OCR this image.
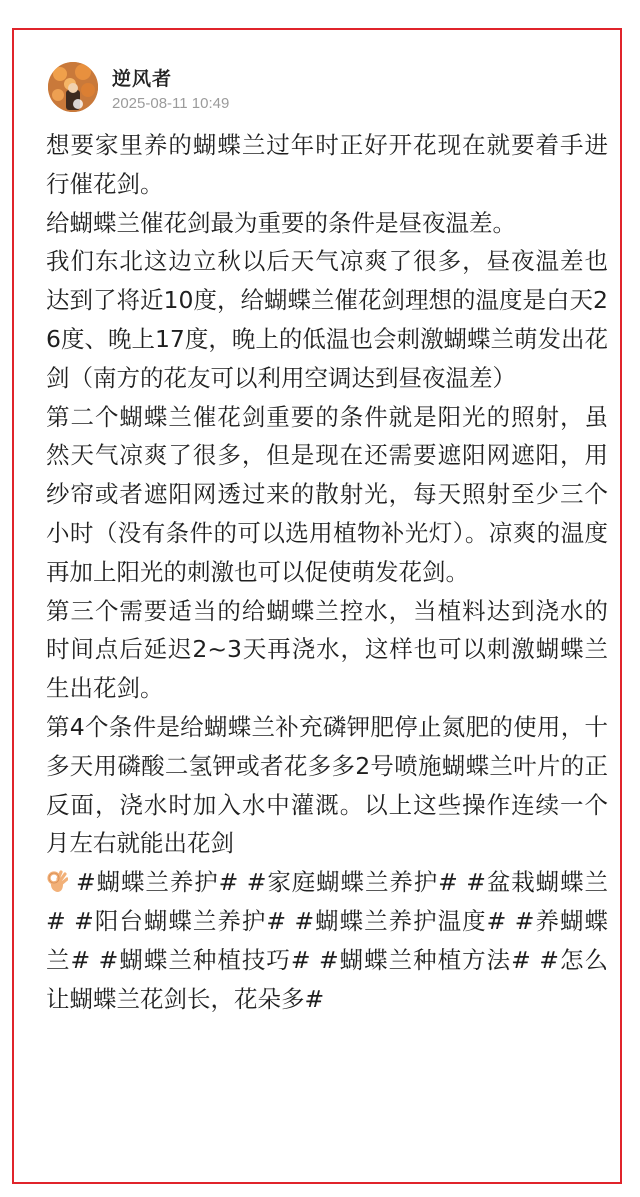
逆风者
2025-08-11 10:49

想要家里养的蝴蝶兰过年时正好开花现在就要着手进行催花剑。

给蝴蝶兰催花剑最为重要的条件是昼夜温差。

我们东北这边立秋以后天气凉爽了很多，昼夜温差也达到了将近10度，给蝴蝶兰催花剑理想的温度是白天26度、晚上17度，晚上的低温也会刺激蝴蝶兰萌发出花剑（南方的花友可以利用空调达到昼夜温差）

第二个蝴蝶兰催花剑重要的条件就是阳光的照射，虽然天气凉爽了很多，但是现在还需要遮阳网遮阳，用纱帘或者遮阳网透过来的散射光，每天照射至少三个小时（没有条件的可以选用植物补光灯）。凉爽的温度再加上阳光的刺激也可以促使萌发花剑。

第三个需要适当的给蝴蝶兰控水，当植料达到浇水的时间点后延迟2~3天再浇水，这样也可以刺激蝴蝶兰生出花剑。

第4个条件是给蝴蝶兰补充磷钾肥停止氮肥的使用，十多天用磷酸二氢钾或者花多多2号喷施蝴蝶兰叶片的正反面，浇水时加入水中灌溉。以上这些操作连续一个月左右就能出花剑

#蝴蝶兰养护# #家庭蝴蝶兰养护# #盆栽蝴蝶兰# #阳台蝴蝶兰养护# #蝴蝶兰养护温度# #养蝴蝶兰# #蝴蝶兰种植技巧# #蝴蝶兰种植方法# #怎么让蝴蝶兰花剑长，花朵多#
